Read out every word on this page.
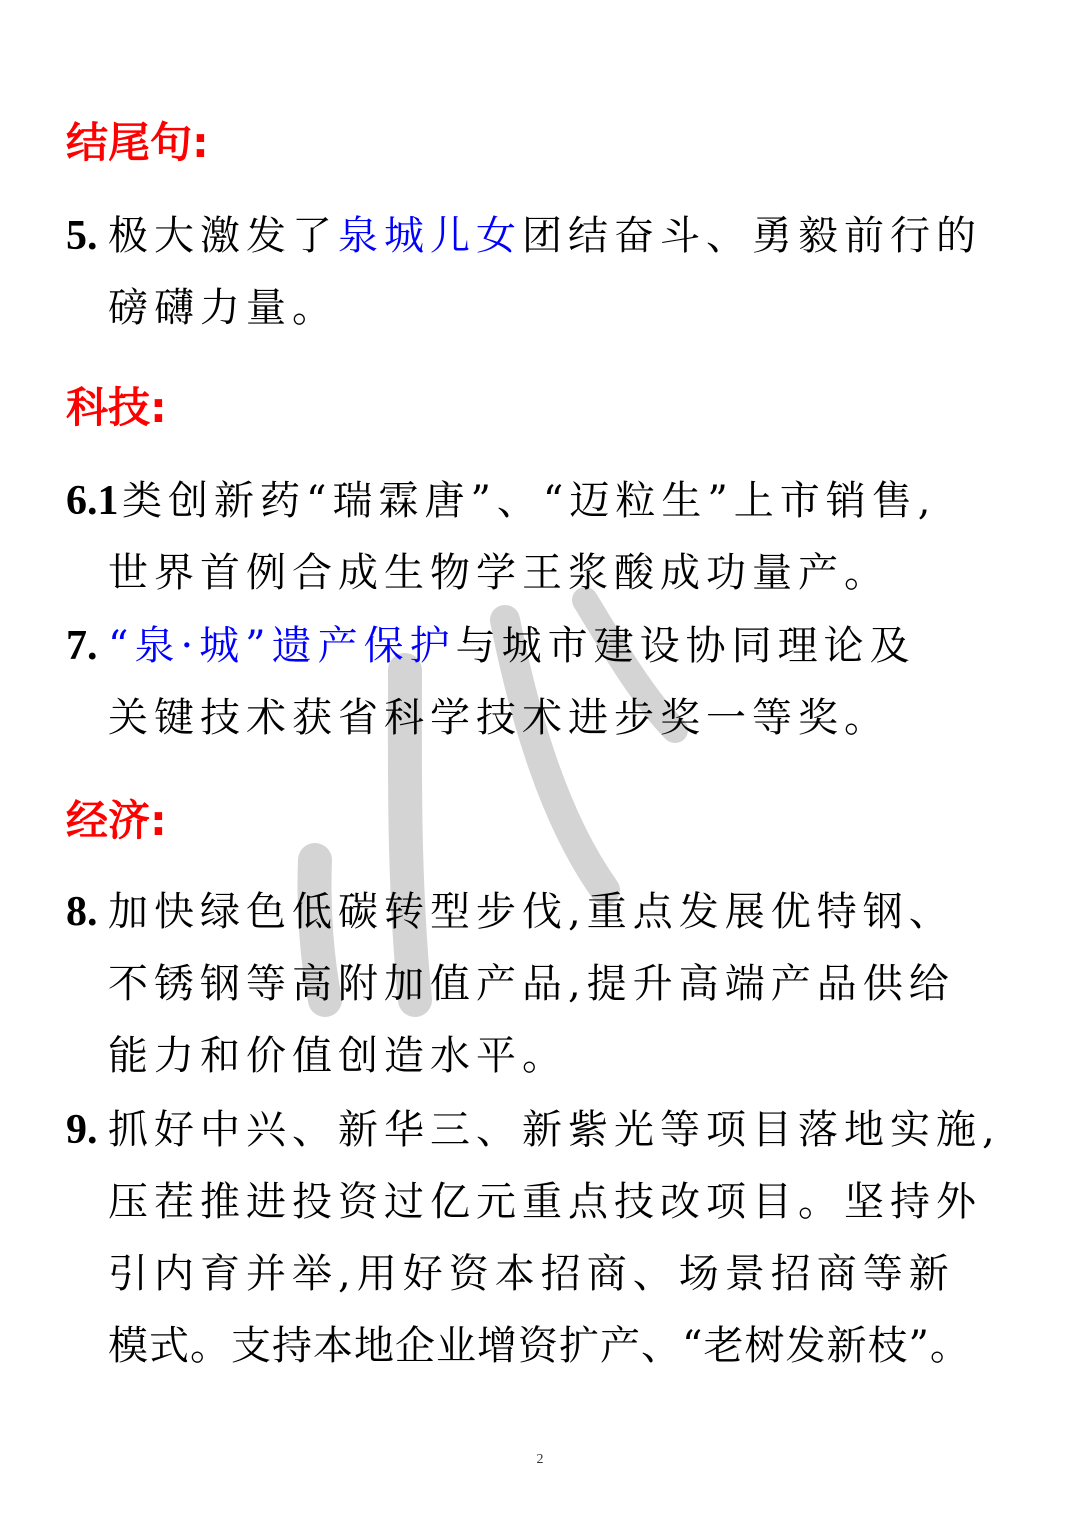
结尾句:
5. 极大激发了泉城儿女团结奋斗、勇毅前行的
磅礴力量。
科技:
6.1 类创新药“瑞霖唐”、“迈粒生”上市销售,
世界首例合成生物学王浆酸成功量产。
7. “泉·城”遗产保护与城市建设协同理论及
关键技术获省科学技术进步奖一等奖。
经济:
8. 加快绿色低碳转型步伐,重点发展优特钢、
不锈钢等高附加值产品,提升高端产品供给
能力和价值创造水平。
9. 抓好中兴、新华三、新紫光等项目落地实施,
压茬推进投资过亿元重点技改项目。坚持外
引内育并举,用好资本招商、场景招商等新
模式。支持本地企业增资扩产、“老树发新枝”。
2
